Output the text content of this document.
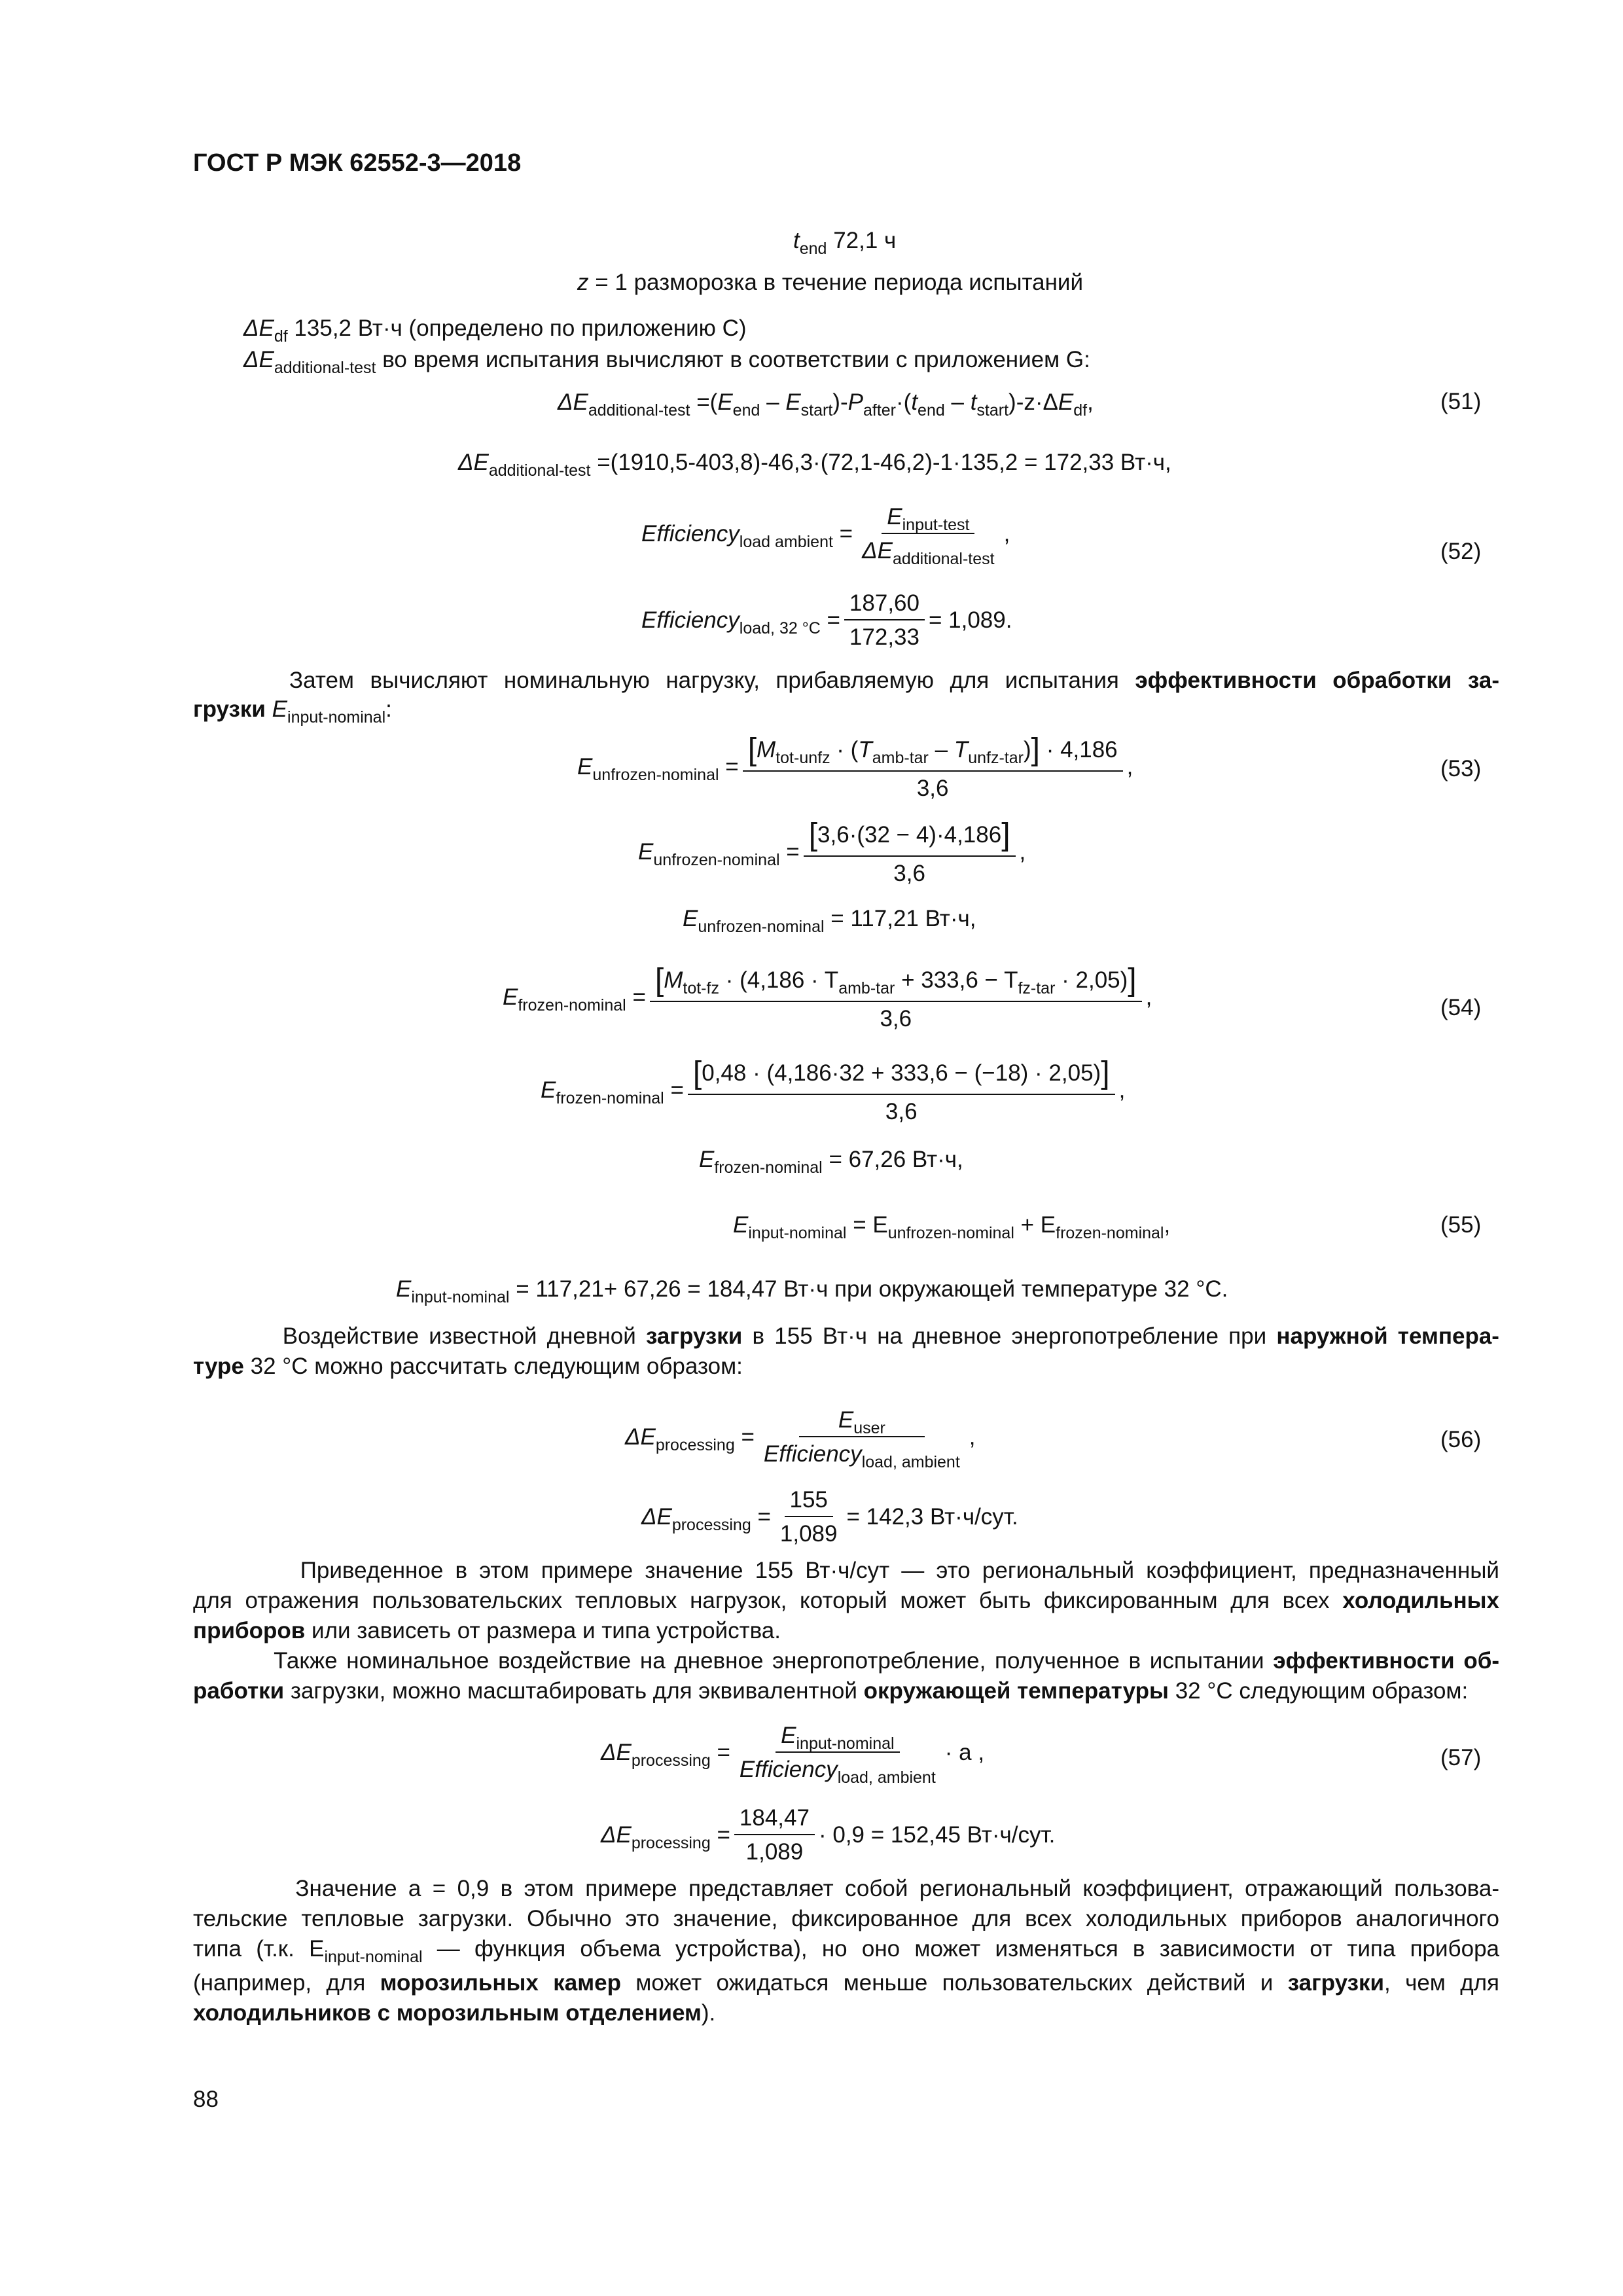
ГОСТ Р МЭК 62552-3—2018
$t_{end}$ 72,1 ч
z = 1 разморозка в течение периода испытаний
$\Delta E_{df}$ 135,2 Вт·ч (определено по приложению C)
$\Delta E_{additional-test}$ во время испытания вычисляют в соответствии с приложением G:
$\Delta E_{additional-test} =(E_{end} - E_{start})-P_{after}\cdot(t_{end} - t_{start})-z\cdot\Delta E_{df}$,	(51)
$\Delta E_{additional-test} =(1910,5-403,8)-46,3\cdot(72,1-46,2)-1\cdot 135,2 = 172,33$ Вт·ч,
Efficiency$_{load ambient}$ = $\frac{E_{input-test}}{\Delta E_{additional-test}}$ ,
(52)
Efficiency$_{load, 32 ^\circ C}$ = $\frac{187,60}{172,33} = 1,089$.
Затем вычисляют номинальную нагрузку, прибавляемую для испытания эффективности обработки за-
грузки $E_{input-nominal}$:
$E_{unfrozen-nominal} = \frac{[M_{tot-unfz} \cdot (T_{amb-tar} - T_{unfz-tar})] \cdot 4,186}{3,6}$ ,	(53)
$E_{unfrozen-nominal} = \frac{[3,6\cdot(32 - 4)\cdot 4,186]}{3,6}$ ,
$E_{unfrozen-nominal} = 117,21$ Вт·ч,
$E_{frozen-nominal} = \frac{[M_{tot-fz} \cdot (4,186 \cdot T_{amb-tar} + 333,6 - T_{fz-tar} \cdot 2,05)]}{3,6}$ ,	(54)
$E_{frozen-nominal} = \frac{[0,48 \cdot (4,186\cdot 32 + 333,6 - (-18) \cdot 2,05)]}{3,6}$ ,
$E_{frozen-nominal} = 67,26$ Вт·ч,
$E_{input-nominal} = E_{unfrozen-nominal} + E_{frozen-nominal}$,	(55)
$E_{input-nominal} = 117,21+ 67,26 = 184,47$ Вт·ч при окружающей температуре 32 °C.
Воздействие известной дневной загрузки в 155 Вт·ч на дневное энергопотребление при наружной темпера-
туре 32 °C можно рассчитать следующим образом:
$\Delta E_{processing} = \frac{E_{user}}{Efficiency_{load, ambient}}$ ,	(56)
$\Delta E_{processing} = \frac{155}{1,089} = 142,3$ Вт·ч/сут.
Приведенное в этом примере значение 155 Вт·ч/сут — это региональный коэффициент, предназначенный
для отражения пользовательских тепловых нагрузок, который может быть фиксированным для всех холодильных
приборов или зависеть от размера и типа устройства.
Также номинальное воздействие на дневное энергопотребление, полученное в испытании эффективности об-
работки загрузки, можно масштабировать для эквивалентной окружающей температуры 32 °C следующим образом:
$\Delta E_{processing} = \frac{E_{input-nominal}}{Efficiency_{load, ambient}} \cdot a$ ,	(57)
$\Delta E_{processing} = \frac{184,47}{1,089} \cdot 0,9 = 152,45$ Вт·ч/сут.
Значение a = 0,9 в этом примере представляет собой региональный коэффициент, отражающий пользова-
тельские тепловые загрузки. Обычно это значение, фиксированное для всех холодильных приборов аналогичного
типа (т.к. $E_{input-nominal}$ — функция объема устройства), но оно может изменяться в зависимости от типа прибора
(например, для морозильных камер может ожидаться меньше пользовательских действий и загрузки, чем для
холодильников с морозильным отделением).
88
